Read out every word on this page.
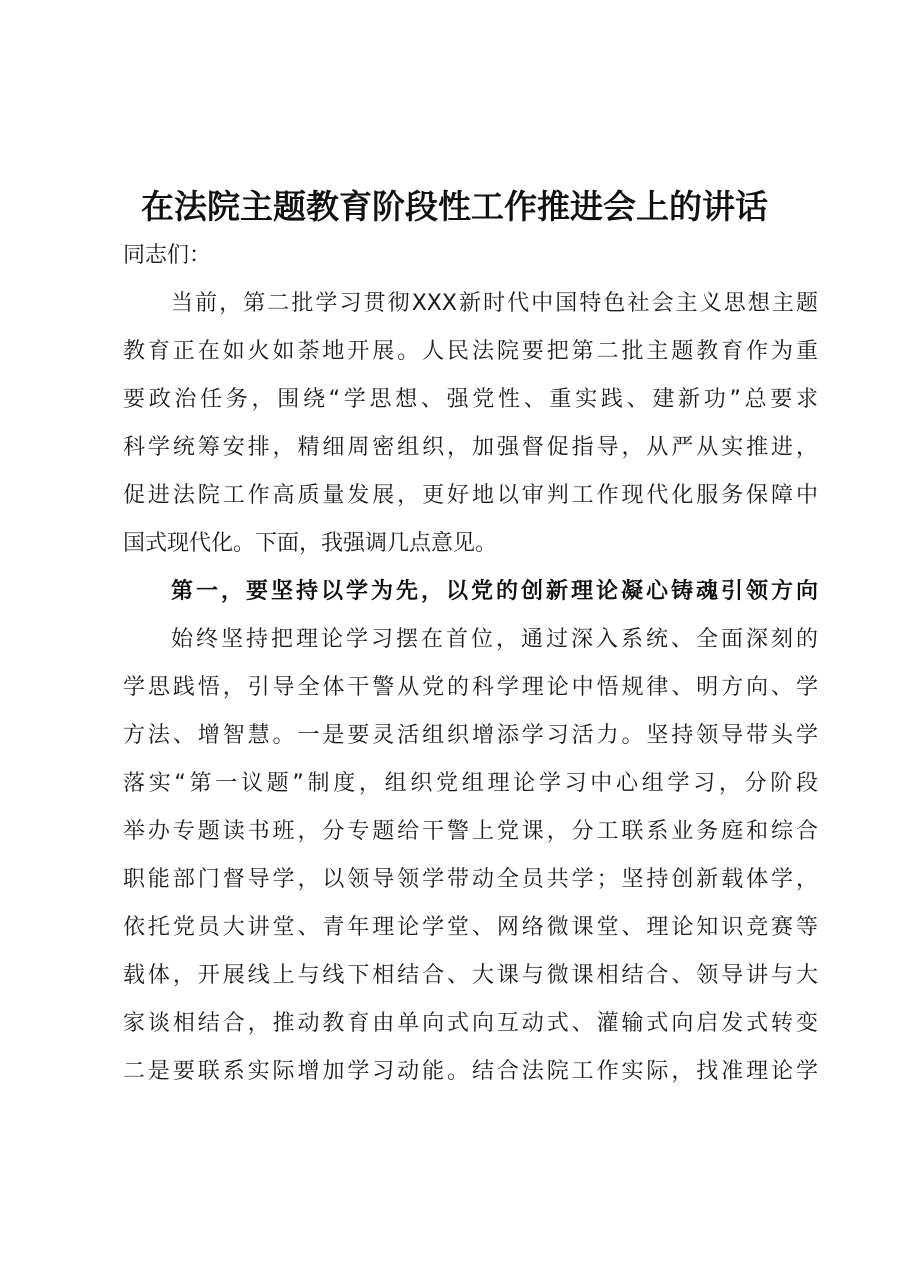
在法院主题教育阶段性工作推进会上的讲话
同志们：
当前，第二批学习贯彻XXX新时代中国特色社会主义思想主题
教育正在如火如荼地开展。人民法院要把第二批主题教育作为重
要政治任务，围绕“学思想、强党性、重实践、建新功”总要求
科学统筹安排，精细周密组织，加强督促指导，从严从实推进，
促进法院工作高质量发展，更好地以审判工作现代化服务保障中
国式现代化。下面，我强调几点意见。
第一，要坚持以学为先，以党的创新理论凝心铸魂引领方向
始终坚持把理论学习摆在首位，通过深入系统、全面深刻的
学思践悟，引导全体干警从党的科学理论中悟规律、明方向、学
方法、增智慧。一是要灵活组织增添学习活力。坚持领导带头学
落实“第一议题”制度，组织党组理论学习中心组学习，分阶段
举办专题读书班，分专题给干警上党课，分工联系业务庭和综合
职能部门督导学，以领导领学带动全员共学；坚持创新载体学，
依托党员大讲堂、青年理论学堂、网络微课堂、理论知识竞赛等
载体，开展线上与线下相结合、大课与微课相结合、领导讲与大
家谈相结合，推动教育由单向式向互动式、灌输式向启发式转变
二是要联系实际增加学习动能。结合法院工作实际，找准理论学
